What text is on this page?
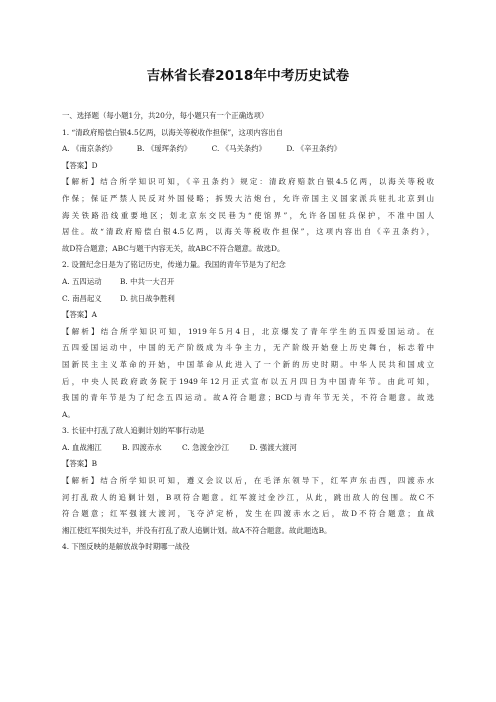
吉林省长春2018年中考历史试卷
一、选择题（每小题1分，共20分，每小题只有一个正确选项）
1. “清政府赔偿白银4.5亿两，以海关等税收作担保”，这项内容出自
A. 《南京条约》	B. 《瑷珲条约》	C. 《马关条约》	D. 《辛丑条约》
【答案】D
【解析】结合所学知识可知，《辛丑条约》规定：清政府赔款白银4.5亿两，以海关等税收
作保；保证严禁人民反对外国侵略；拆毁大沽炮台，允许帝国主义国家派兵驻扎北京到山
海关铁路沿线重要地区；划北京东交民巷为“使馆界”，允许各国驻兵保护，不准中国人
居住。故“清政府赔偿白银4.5亿两，以海关等税收作担保”，这项内容出自《辛丑条约》，
故D符合题意；ABC与题干内容无关，故ABC不符合题意。故选D。
2. 设置纪念日是为了铭记历史，传递力量。我国的青年节是为了纪念
A. 五四运动 B. 中共一大召开
C. 南昌起义 D. 抗日战争胜利
【答案】A
【解析】结合所学知识可知，1919年5月4日，北京爆发了青年学生的五四爱国运动。在
五四爱国运动中，中国的无产阶级成为斗争主力，无产阶级开始登上历史舞台，标志着中
国新民主主义革命的开始，中国革命从此进入了一个新的历史时期。中华人民共和国成立
后，中央人民政府政务院于1949年12月正式宣布以五月四日为中国青年节。由此可知，
我国的青年节是为了纪念五四运动。故A符合题意；BCD与青年节无关，不符合题意。故选
A。
3. 长征中打乱了敌人追剿计划的军事行动是
A. 血战湘江	B. 四渡赤水	C. 急渡金沙江	D. 强渡大渡河
【答案】B
【解析】结合所学知识可知，遵义会议以后，在毛泽东领导下，红军声东击西，四渡赤水
河打乱敌人的追剿计划，B项符合题意。红军渡过金沙江，从此，跳出敌人的包围。故C不
符合题意；红军强渡大渡河，飞夺泸定桥，发生在四渡赤水之后，故D不符合题意；血战
湘江使红军损失过半，并没有打乱了敌人追剿计划。故A不符合题意。故此题选B。
4. 下图反映的是解放战争时期哪一战役
